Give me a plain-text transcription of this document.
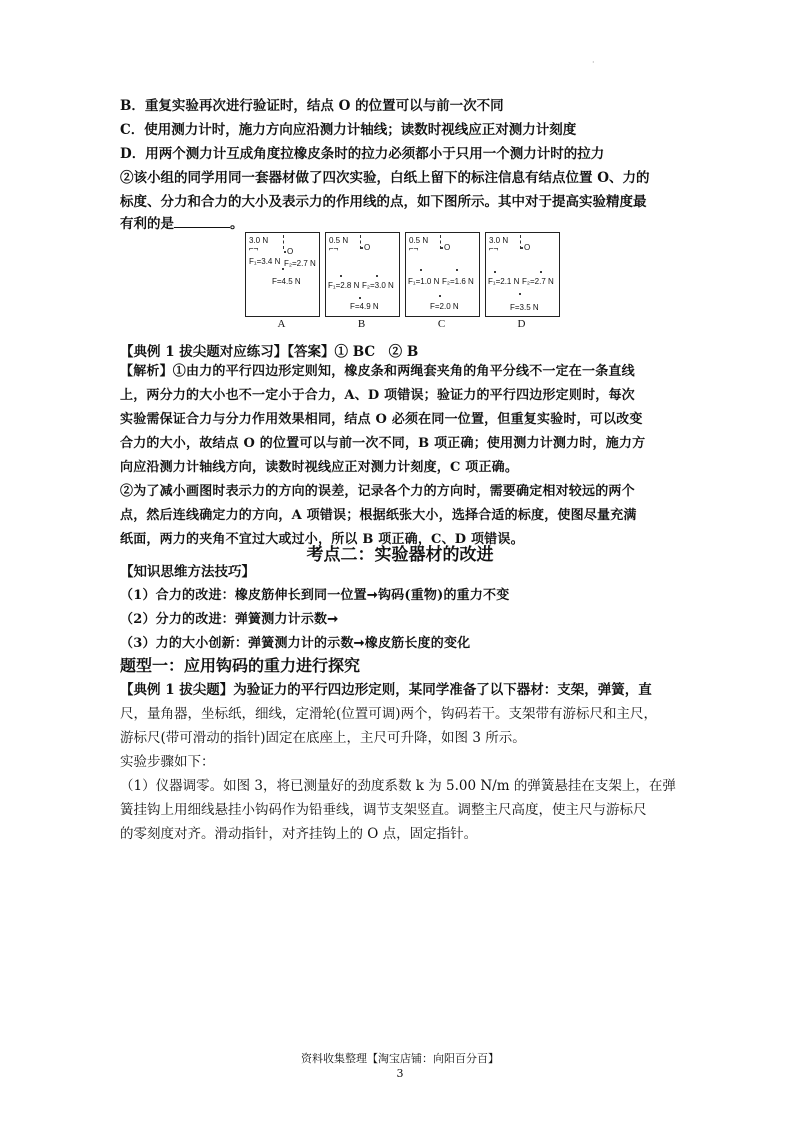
·
B．重复实验再次进行验证时，结点 O 的位置可以与前一次不同
C．使用测力计时，施力方向应沿测力计轴线；读数时视线应正对测力计刻度
D．用两个测力计互成角度拉橡皮条时的拉力必须都小于只用一个测力计时的拉力
②该小组的同学用同一套器材做了四次实验，白纸上留下的标注信息有结点位置 O、力的
标度、分力和合力的大小及表示力的作用线的点，如下图所示。其中对于提高实验精度最
有利的是	。
3.0 N
⌐¬	O
F₁=3.4 N F₂=2.7 N
F=4.5 N
0.5 N
⌐¬	O
F₁=2.8 N F₂=3.0 N
F=4.9 N
0.5 N
⌐¬	O
F₁=1.0 N F₂=1.6 N
F=2.0 N
3.0 N
⌐¬	O
F₁=2.1 N F₂=2.7 N
F=3.5 N
A	B	C	D
【典例 1 拔尖题对应练习】【答案】① BC　② B
【解析】①由力的平行四边形定则知，橡皮条和两绳套夹角的角平分线不一定在一条直线
上，两分力的大小也不一定小于合力，A、D 项错误；验证力的平行四边形定则时，每次
实验需保证合力与分力作用效果相同，结点 O 必须在同一位置，但重复实验时，可以改变
合力的大小，故结点 O 的位置可以与前一次不同，B 项正确；使用测力计测力时，施力方
向应沿测力计轴线方向，读数时视线应正对测力计刻度，C 项正确。
②为了减小画图时表示力的方向的误差，记录各个力的方向时，需要确定相对较远的两个
点，然后连线确定力的方向，A 项错误；根据纸张大小，选择合适的标度，使图尽量充满
纸面，两力的夹角不宜过大或过小，所以 B 项正确，C、D 项错误。
考点二：实验器材的改进
【知识思维方法技巧】
（1）合力的改进：橡皮筋伸长到同一位置➞钩码(重物)的重力不变
（2）分力的改进：弹簧测力计示数➞
（3）力的大小创新：弹簧测力计的示数➞橡皮筋长度的变化
题型一：应用钩码的重力进行探究
【典例 1 拔尖题】为验证力的平行四边形定则，某同学准备了以下器材：支架，弹簧，直
尺，量角器，坐标纸，细线，定滑轮(位置可调)两个，钩码若干。支架带有游标尺和主尺，
游标尺(带可滑动的指针)固定在底座上，主尺可升降，如图 3 所示。
实验步骤如下：
（1）仪器调零。如图 3，将已测量好的劲度系数 k 为 5.00 N/m 的弹簧悬挂在支架上，在弹
簧挂钩上用细线悬挂小钩码作为铅垂线，调节支架竖直。调整主尺高度，使主尺与游标尺
的零刻度对齐。滑动指针，对齐挂钩上的 O 点，固定指针。
资料收集整理【淘宝店铺：向阳百分百】
3
